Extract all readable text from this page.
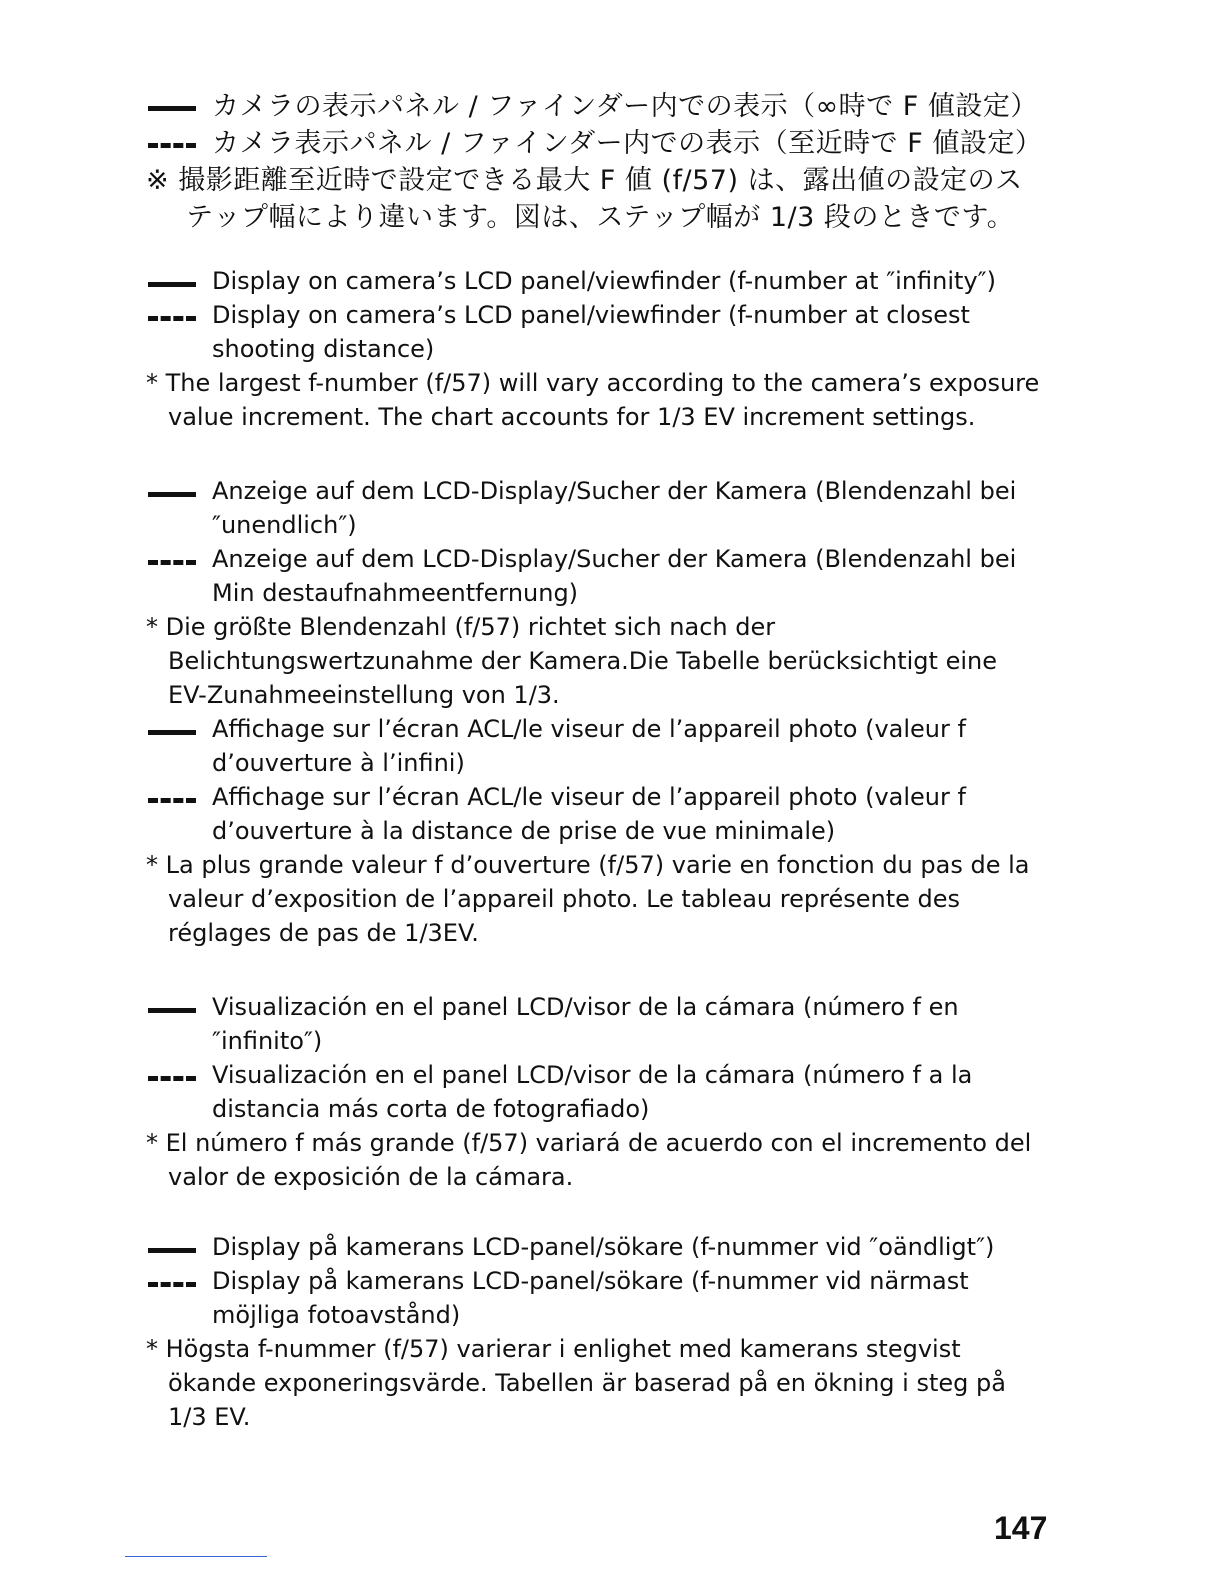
カメラの表示パネル / ファインダー内での表示（∞時で F 値設定）
カメラ表示パネル / ファインダー内での表示（至近時で F 値設定）
※ 撮影距離至近時で設定できる最大 F 値 (f/57) は、露出値の設定のステップ幅により違います。図は、ステップ幅が 1/3 段のときです。
Display on camera’s LCD panel/viewfinder (f-number at ″infinity″)
Display on camera’s LCD panel/viewfinder (f-number at closest shooting distance)
* The largest f-number (f/57) will vary according to the camera’s exposure value increment. The chart accounts for 1/3 EV increment settings.
Anzeige auf dem LCD-Display/Sucher der Kamera (Blendenzahl bei ″unendlich″)
Anzeige auf dem LCD-Display/Sucher der Kamera (Blendenzahl bei Min destaufnahmeentfernung)
* Die größte Blendenzahl (f/57) richtet sich nach der Belichtungswertzunahme der Kamera.Die Tabelle berücksichtigt eine EV-Zunahmeeinstellung von 1/3.
Affichage sur l’écran ACL/le viseur de l’appareil photo (valeur f d’ouverture à l’infini)
Affichage sur l’écran ACL/le viseur de l’appareil photo (valeur f d’ouverture à la distance de prise de vue minimale)
* La plus grande valeur f d’ouverture (f/57) varie en fonction du pas de la valeur d’exposition de l’appareil photo. Le tableau représente des réglages de pas de 1/3EV.
Visualización en el panel LCD/visor de la cámara (número f en ″infinito″)
Visualización en el panel LCD/visor de la cámara (número f a la distancia más corta de fotografiado)
* El número f más grande (f/57) variará de acuerdo con el incremento del valor de exposición de la cámara.
Display på kamerans LCD-panel/sökare (f-nummer vid ″oändligt″)
Display på kamerans LCD-panel/sökare (f-nummer vid närmast möjliga fotoavstånd)
* Högsta f-nummer (f/57) varierar i enlighet med kamerans stegvist ökande exponeringsvärde. Tabellen är baserad på en ökning i steg på 1/3 EV.
147
